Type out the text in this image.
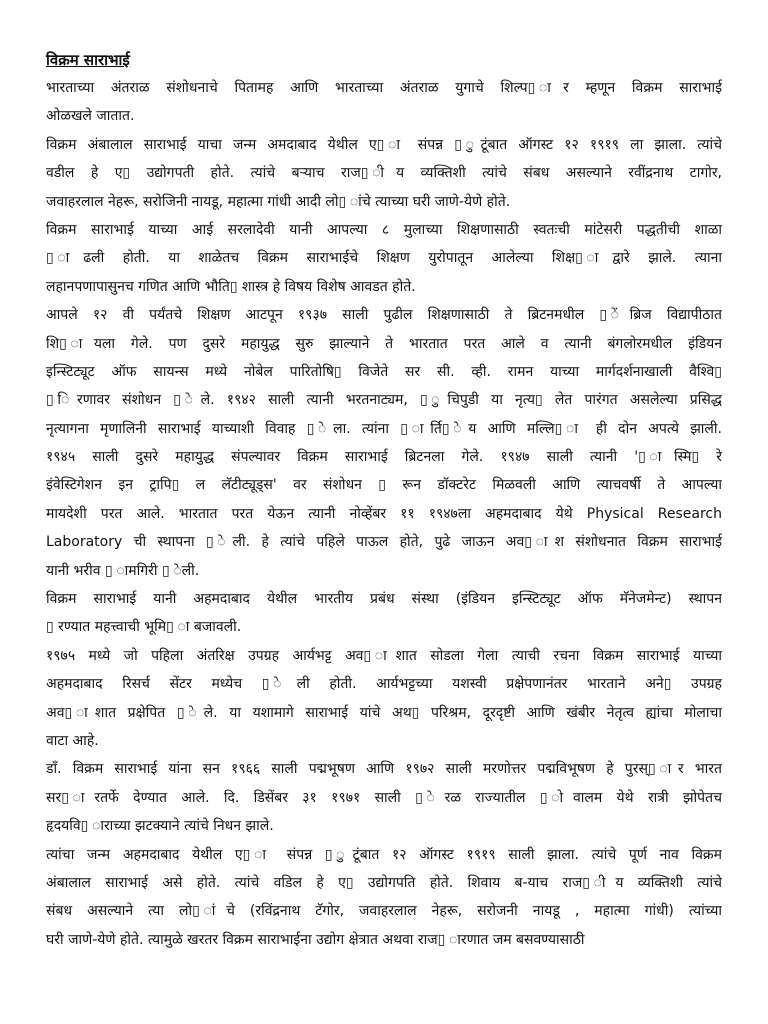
विक्रम साराभाई
भारताच्या अंतराळ संशोधनाचे पितामह आणि भारताच्या अंतराळ युगाचे शिल्प▯ ार म्हणून विक्रम साराभाई
ओळखले जातात.
विक्रम अंबालाल साराभाई याचा जन्म अमदाबाद येथील ए▯ ा संपन्न ▯ ुटूंबात ऑगस्ट १२ १९१९ ला झाला. त्यांचे
वडील हे ए▯ उद्योगपती होते. त्यांचे बऱ्याच राज▯ ीय व्यक्तिशी त्यांचे संबध असल्याने रवींद्रनाथ टागोर,
जवाहरलाल नेहरू, सरोजिनी नायडू, महात्मा गांधी आदी लो▯ ांचे त्याच्या घरी जाणे-येणे होते.
विक्रम साराभाई याच्या आई सरलादेवी यानी आपल्या ८ मुलाच्या शिक्षणासाठी स्वतःची मांटेसरी पद्धतीची शाळा
▯ ाढली होती. या शाळेतच विक्रम साराभाईचे शिक्षण युरोपातून आलेल्या शिक्ष▯ ाद्वारे झाले. त्याना
लहानपणापासुनच गणित आणि भौति▯ शास्त्र हे विषय विशेष आवडत होते.
आपले १२ वी पर्यंतचे शिक्षण आटपून १९३७ साली पुढील शिक्षणासाठी ते ब्रिटनमधील ▯ ेंब्रिज विद्यापीठात
शि▯ ायला गेले. पण दुसरे महायुद्ध सुरु झाल्याने ते भारतात परत आले व त्यानी बंगलोरमधील इंडियन
इन्स्टिट्यूट ऑफ सायन्स मध्ये नोबेल पारितोषि▯ विजेते सर सी. व्ही. रामन याच्या मार्गदर्शनाखाली वैश्वि▯
▯ िरणावर संशोधन ▯ ेले. १९४२ साली त्यानी भरतनाट्यम, ▯ ुचिपुडी या नृत्य▯ लेत पारंगत असलेल्या प्रसिद्ध
नृत्यागना मृणालिनी साराभाई याच्याशी विवाह ▯ ेला. त्यांना ▯ ार्ति▯ ेय आणि मल्लि▯ ा ही दोन अपत्ये झाली.
१९४५ साली दुसरे महायुद्ध संपल्यावर विक्रम साराभाई ब्रिटनला गेले. १९४७ साली त्यानी '▯ ास्मि▯ रे
इंवेस्टिगेशन इन ट्रापि▯ ल लॅटीट्यूड्स' वर संशोधन ▯ रून डॉक्टरेट मिळवली आणि त्याचवर्षी ते आपल्या
मायदेशी परत आले. भारतात परत येऊन त्यानी नोव्हेंबर ११ १९४७ला अहमदाबाद येथे Physical Research
Laboratory ची स्थापना ▯ ेली. हे त्यांचे पहिले पाऊल होते, पुढे जाऊन अव▯ ाश संशोधनात विक्रम साराभाई
यानी भरीव ▯ ामगिरी ▯ ेली.
विक्रम साराभाई यानी अहमदाबाद येथील भारतीय प्रबंध संस्था (इंडियन इन्स्टिट्यूट ऑफ मॅनेजमेन्ट) स्थापन
▯ रण्यात महत्त्वाची भूमि▯ ा बजावली.
१९७५ मध्ये जो पहिला अंतरिक्ष उपग्रह आर्यभट्ट अव▯ ाशात सोडला गेला त्याची रचना विक्रम साराभाई याच्या
अहमदाबाद रिसर्च सेंटर मध्येच ▯ ेली होती. आर्यभट्टच्या यशस्वी प्रक्षेपणानंतर भारताने अने▯ उपग्रह
अव▯ ाशात प्रक्षेपित ▯ ेले. या यशामागे साराभाई यांचे अथ▯ परिश्रम, दूरदृष्टी आणि खंबीर नेतृत्व ह्यांचा मोलाचा
वाटा आहे.
डॉं. विक्रम साराभाई यांना सन १९६६ साली पद्मभूषण आणि १९७२ साली मरणोत्तर पद्मविभूषण हे पुरस्▯ ार भारत
सर▯ ारतर्फे देण्यात आले. दि. डिसेंबर ३१ १९७१ साली ▯ ेरळ राज्यातील ▯ ोवालम येथे रात्री झोपेतच
हृदयवि▯ ाराच्या झटक्याने त्यांचे निधन झाले.
त्यांचा जन्म अहमदाबाद येथील ए▯ ा संपन्न ▯ ुटूंबात १२ ऑगस्ट १९१९ साली झाला. त्यांचे पूर्ण नाव विक्रम
अंबालाल साराभाई असे होते. त्यांचे वडिल हे ए▯ उद्योगपति होते. शिवाय ब-याच राज▯ ीय व्यक्तिशी त्यांचे
संबध असल्याने त्या लो▯ ांचे (रविंद्रनाथ टॅगोर, जवाहरलाल नेहरू, सरोजनी नायडू , महात्मा गांधी) त्यांच्या
घरी जाणे-येणे होते. त्यामुळे खरतर विक्रम साराभाईना उद्योग क्षेत्रात अथवा राज▯ ारणात जम बसवण्यासाठी
